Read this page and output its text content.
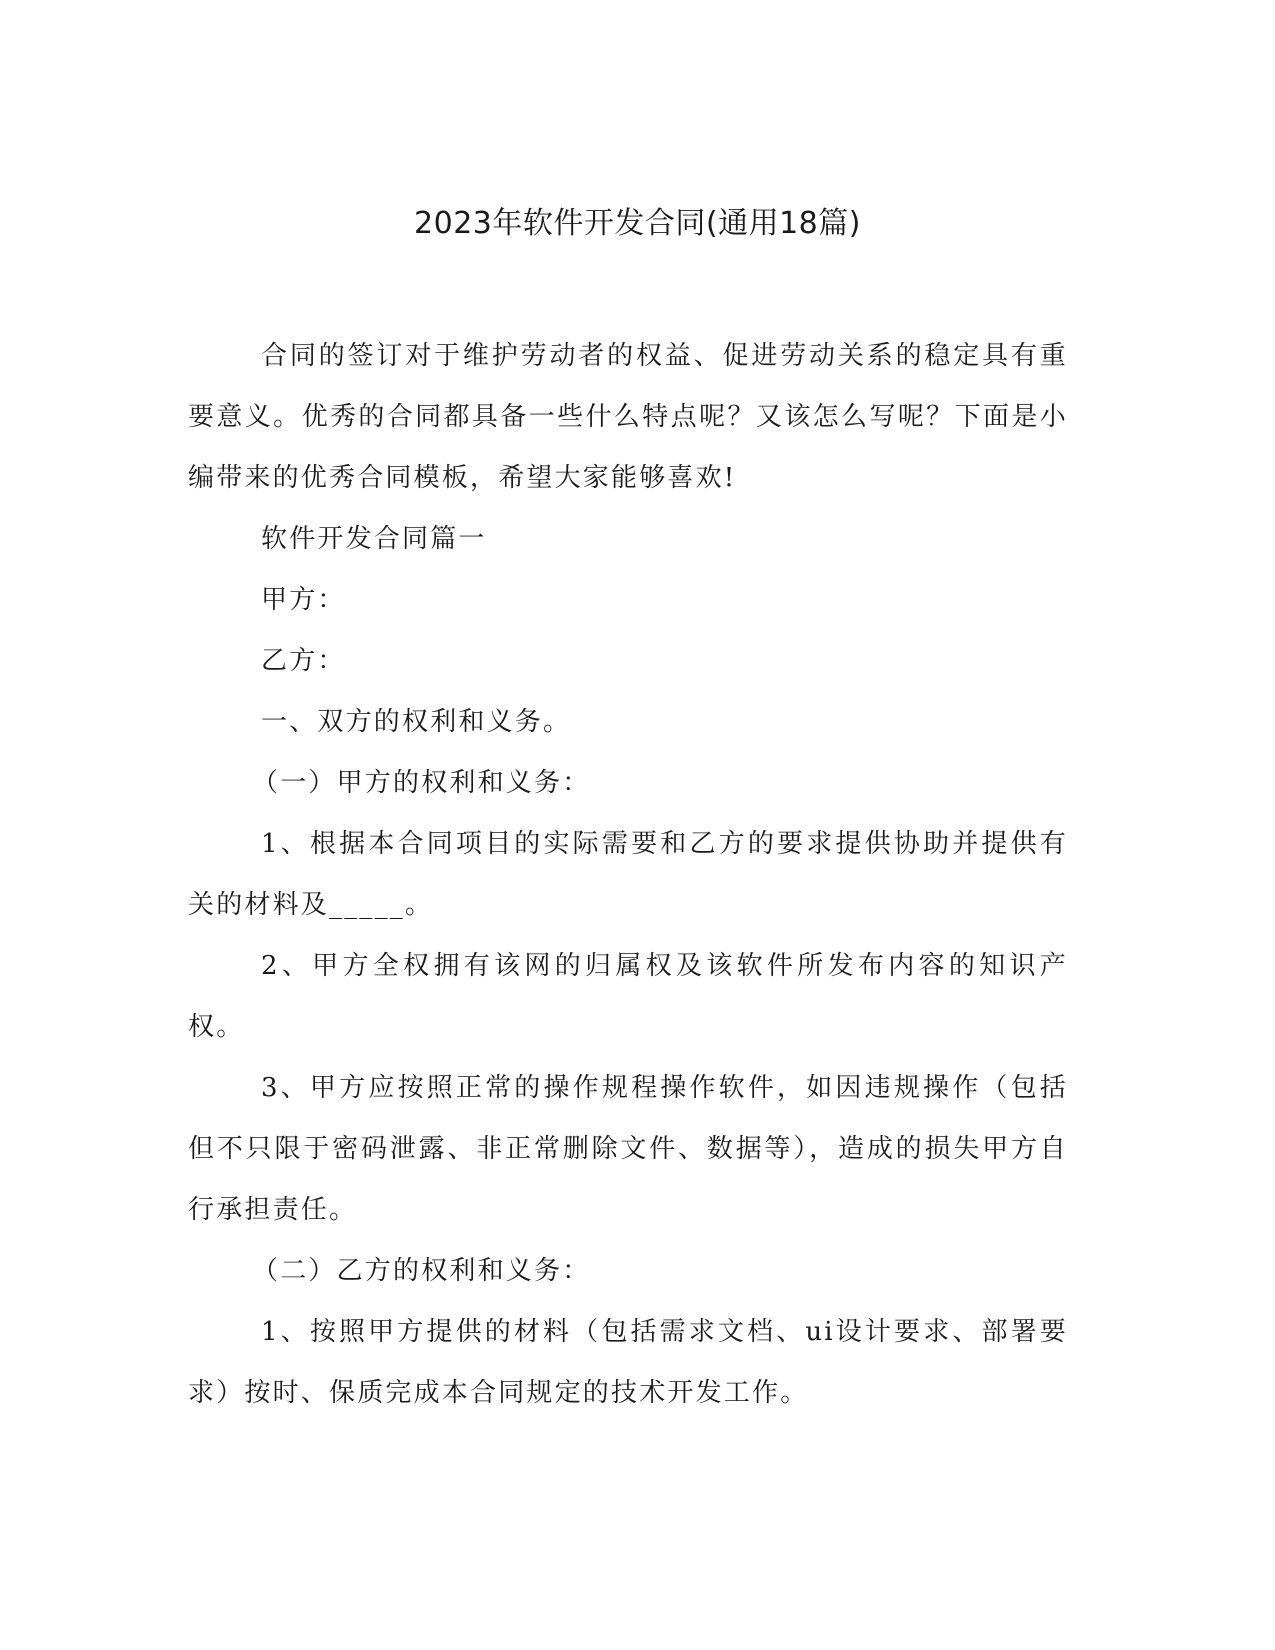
2023年软件开发合同(通用18篇)

合同的签订对于维护劳动者的权益、促进劳动关系的稳定具有重要意义。优秀的合同都具备一些什么特点呢？又该怎么写呢？下面是小编带来的优秀合同模板，希望大家能够喜欢!

软件开发合同篇一

甲方：

乙方：

一、双方的权利和义务。

（一）甲方的权利和义务：

1、根据本合同项目的实际需要和乙方的要求提供协助并提供有关的材料及_____。

2、甲方全权拥有该网的归属权及该软件所发布内容的知识产权。

3、甲方应按照正常的操作规程操作软件，如因违规操作（包括但不只限于密码泄露、非正常删除文件、数据等），造成的损失甲方自行承担责任。

（二）乙方的权利和义务：

1、按照甲方提供的材料（包括需求文档、ui设计要求、部署要求）按时、保质完成本合同规定的技术开发工作。
